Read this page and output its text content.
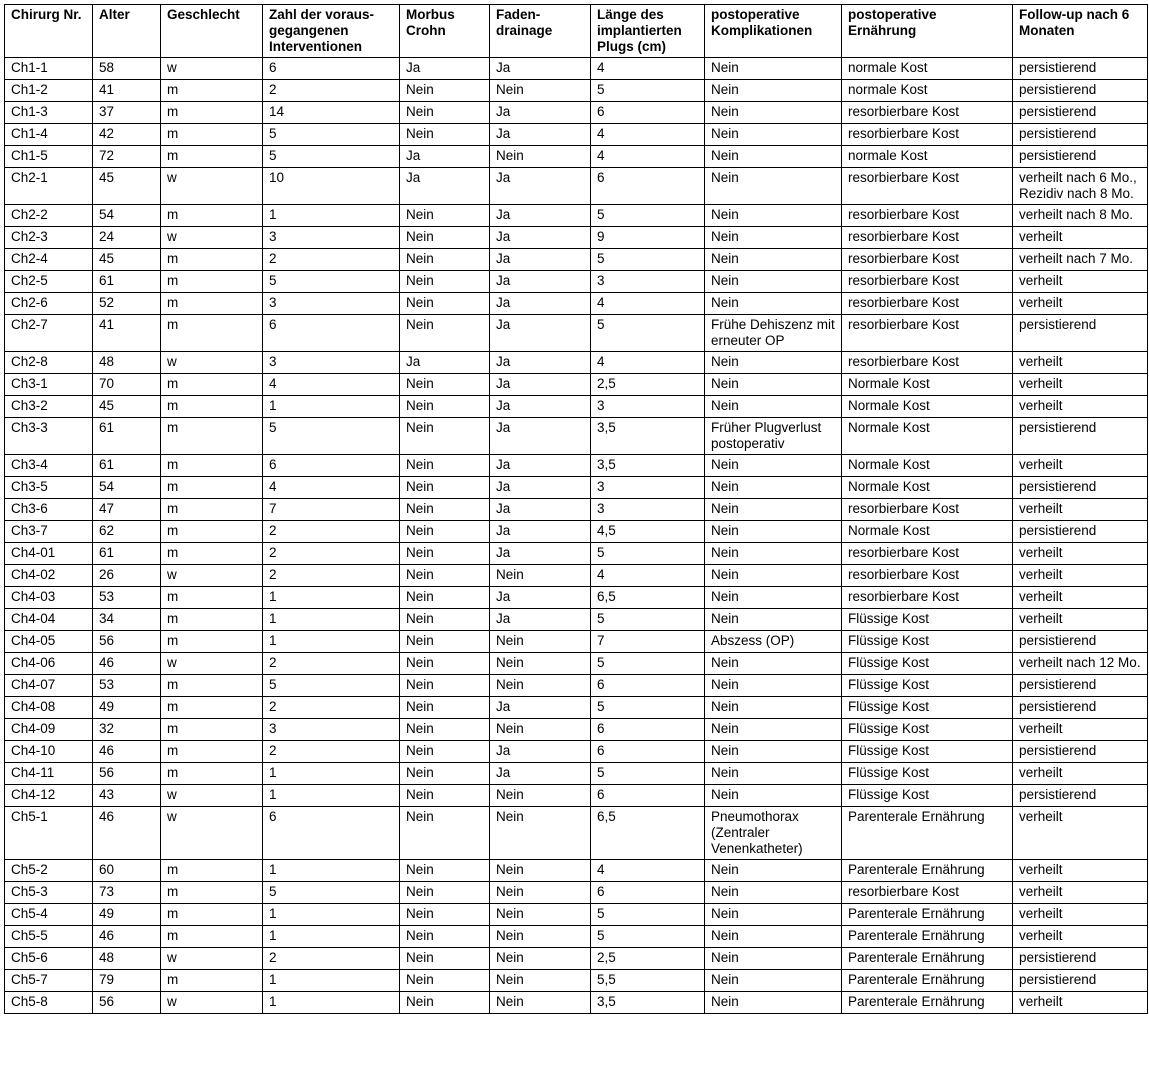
Chirurg Nr.	Alter	Geschlecht	Zahl der voraus-gegangenen Interventionen	Morbus Crohn	Faden-drainage	Länge des implantierten Plugs (cm)	postoperative Komplikationen	postoperative Ernährung	Follow-up nach 6 Monaten
Ch1-1	58	w	6	Ja	Ja	4	Nein	normale Kost	persistierend
Ch1-2	41	m	2	Nein	Nein	5	Nein	normale Kost	persistierend
Ch1-3	37	m	14	Nein	Ja	6	Nein	resorbierbare Kost	persistierend
Ch1-4	42	m	5	Nein	Ja	4	Nein	resorbierbare Kost	persistierend
Ch1-5	72	m	5	Ja	Nein	4	Nein	normale Kost	persistierend
Ch2-1	45	w	10	Ja	Ja	6	Nein	resorbierbare Kost	verheilt nach 6 Mo., Rezidiv nach 8 Mo.
Ch2-2	54	m	1	Nein	Ja	5	Nein	resorbierbare Kost	verheilt nach 8 Mo.
Ch2-3	24	w	3	Nein	Ja	9	Nein	resorbierbare Kost	verheilt
Ch2-4	45	m	2	Nein	Ja	5	Nein	resorbierbare Kost	verheilt nach 7 Mo.
Ch2-5	61	m	5	Nein	Ja	3	Nein	resorbierbare Kost	verheilt
Ch2-6	52	m	3	Nein	Ja	4	Nein	resorbierbare Kost	verheilt
Ch2-7	41	m	6	Nein	Ja	5	Frühe Dehiszenz mit erneuter OP	resorbierbare Kost	persistierend
Ch2-8	48	w	3	Ja	Ja	4	Nein	resorbierbare Kost	verheilt
Ch3-1	70	m	4	Nein	Ja	2,5	Nein	Normale Kost	verheilt
Ch3-2	45	m	1	Nein	Ja	3	Nein	Normale Kost	verheilt
Ch3-3	61	m	5	Nein	Ja	3,5	Früher Plugverlust postoperativ	Normale Kost	persistierend
Ch3-4	61	m	6	Nein	Ja	3,5	Nein	Normale Kost	verheilt
Ch3-5	54	m	4	Nein	Ja	3	Nein	Normale Kost	persistierend
Ch3-6	47	m	7	Nein	Ja	3	Nein	resorbierbare Kost	verheilt
Ch3-7	62	m	2	Nein	Ja	4,5	Nein	Normale Kost	persistierend
Ch4-01	61	m	2	Nein	Ja	5	Nein	resorbierbare Kost	verheilt
Ch4-02	26	w	2	Nein	Nein	4	Nein	resorbierbare Kost	verheilt
Ch4-03	53	m	1	Nein	Ja	6,5	Nein	resorbierbare Kost	verheilt
Ch4-04	34	m	1	Nein	Ja	5	Nein	Flüssige Kost	verheilt
Ch4-05	56	m	1	Nein	Nein	7	Abszess (OP)	Flüssige Kost	persistierend
Ch4-06	46	w	2	Nein	Nein	5	Nein	Flüssige Kost	verheilt nach 12 Mo.
Ch4-07	53	m	5	Nein	Nein	6	Nein	Flüssige Kost	persistierend
Ch4-08	49	m	2	Nein	Ja	5	Nein	Flüssige Kost	persistierend
Ch4-09	32	m	3	Nein	Nein	6	Nein	Flüssige Kost	verheilt
Ch4-10	46	m	2	Nein	Ja	6	Nein	Flüssige Kost	persistierend
Ch4-11	56	m	1	Nein	Ja	5	Nein	Flüssige Kost	verheilt
Ch4-12	43	w	1	Nein	Nein	6	Nein	Flüssige Kost	persistierend
Ch5-1	46	w	6	Nein	Nein	6,5	Pneumothorax (Zentraler Venenkatheter)	Parenterale Ernährung	verheilt
Ch5-2	60	m	1	Nein	Nein	4	Nein	Parenterale Ernährung	verheilt
Ch5-3	73	m	5	Nein	Nein	6	Nein	resorbierbare Kost	verheilt
Ch5-4	49	m	1	Nein	Nein	5	Nein	Parenterale Ernährung	verheilt
Ch5-5	46	m	1	Nein	Nein	5	Nein	Parenterale Ernährung	verheilt
Ch5-6	48	w	2	Nein	Nein	2,5	Nein	Parenterale Ernährung	persistierend
Ch5-7	79	m	1	Nein	Nein	5,5	Nein	Parenterale Ernährung	persistierend
Ch5-8	56	w	1	Nein	Nein	3,5	Nein	Parenterale Ernährung	verheilt
